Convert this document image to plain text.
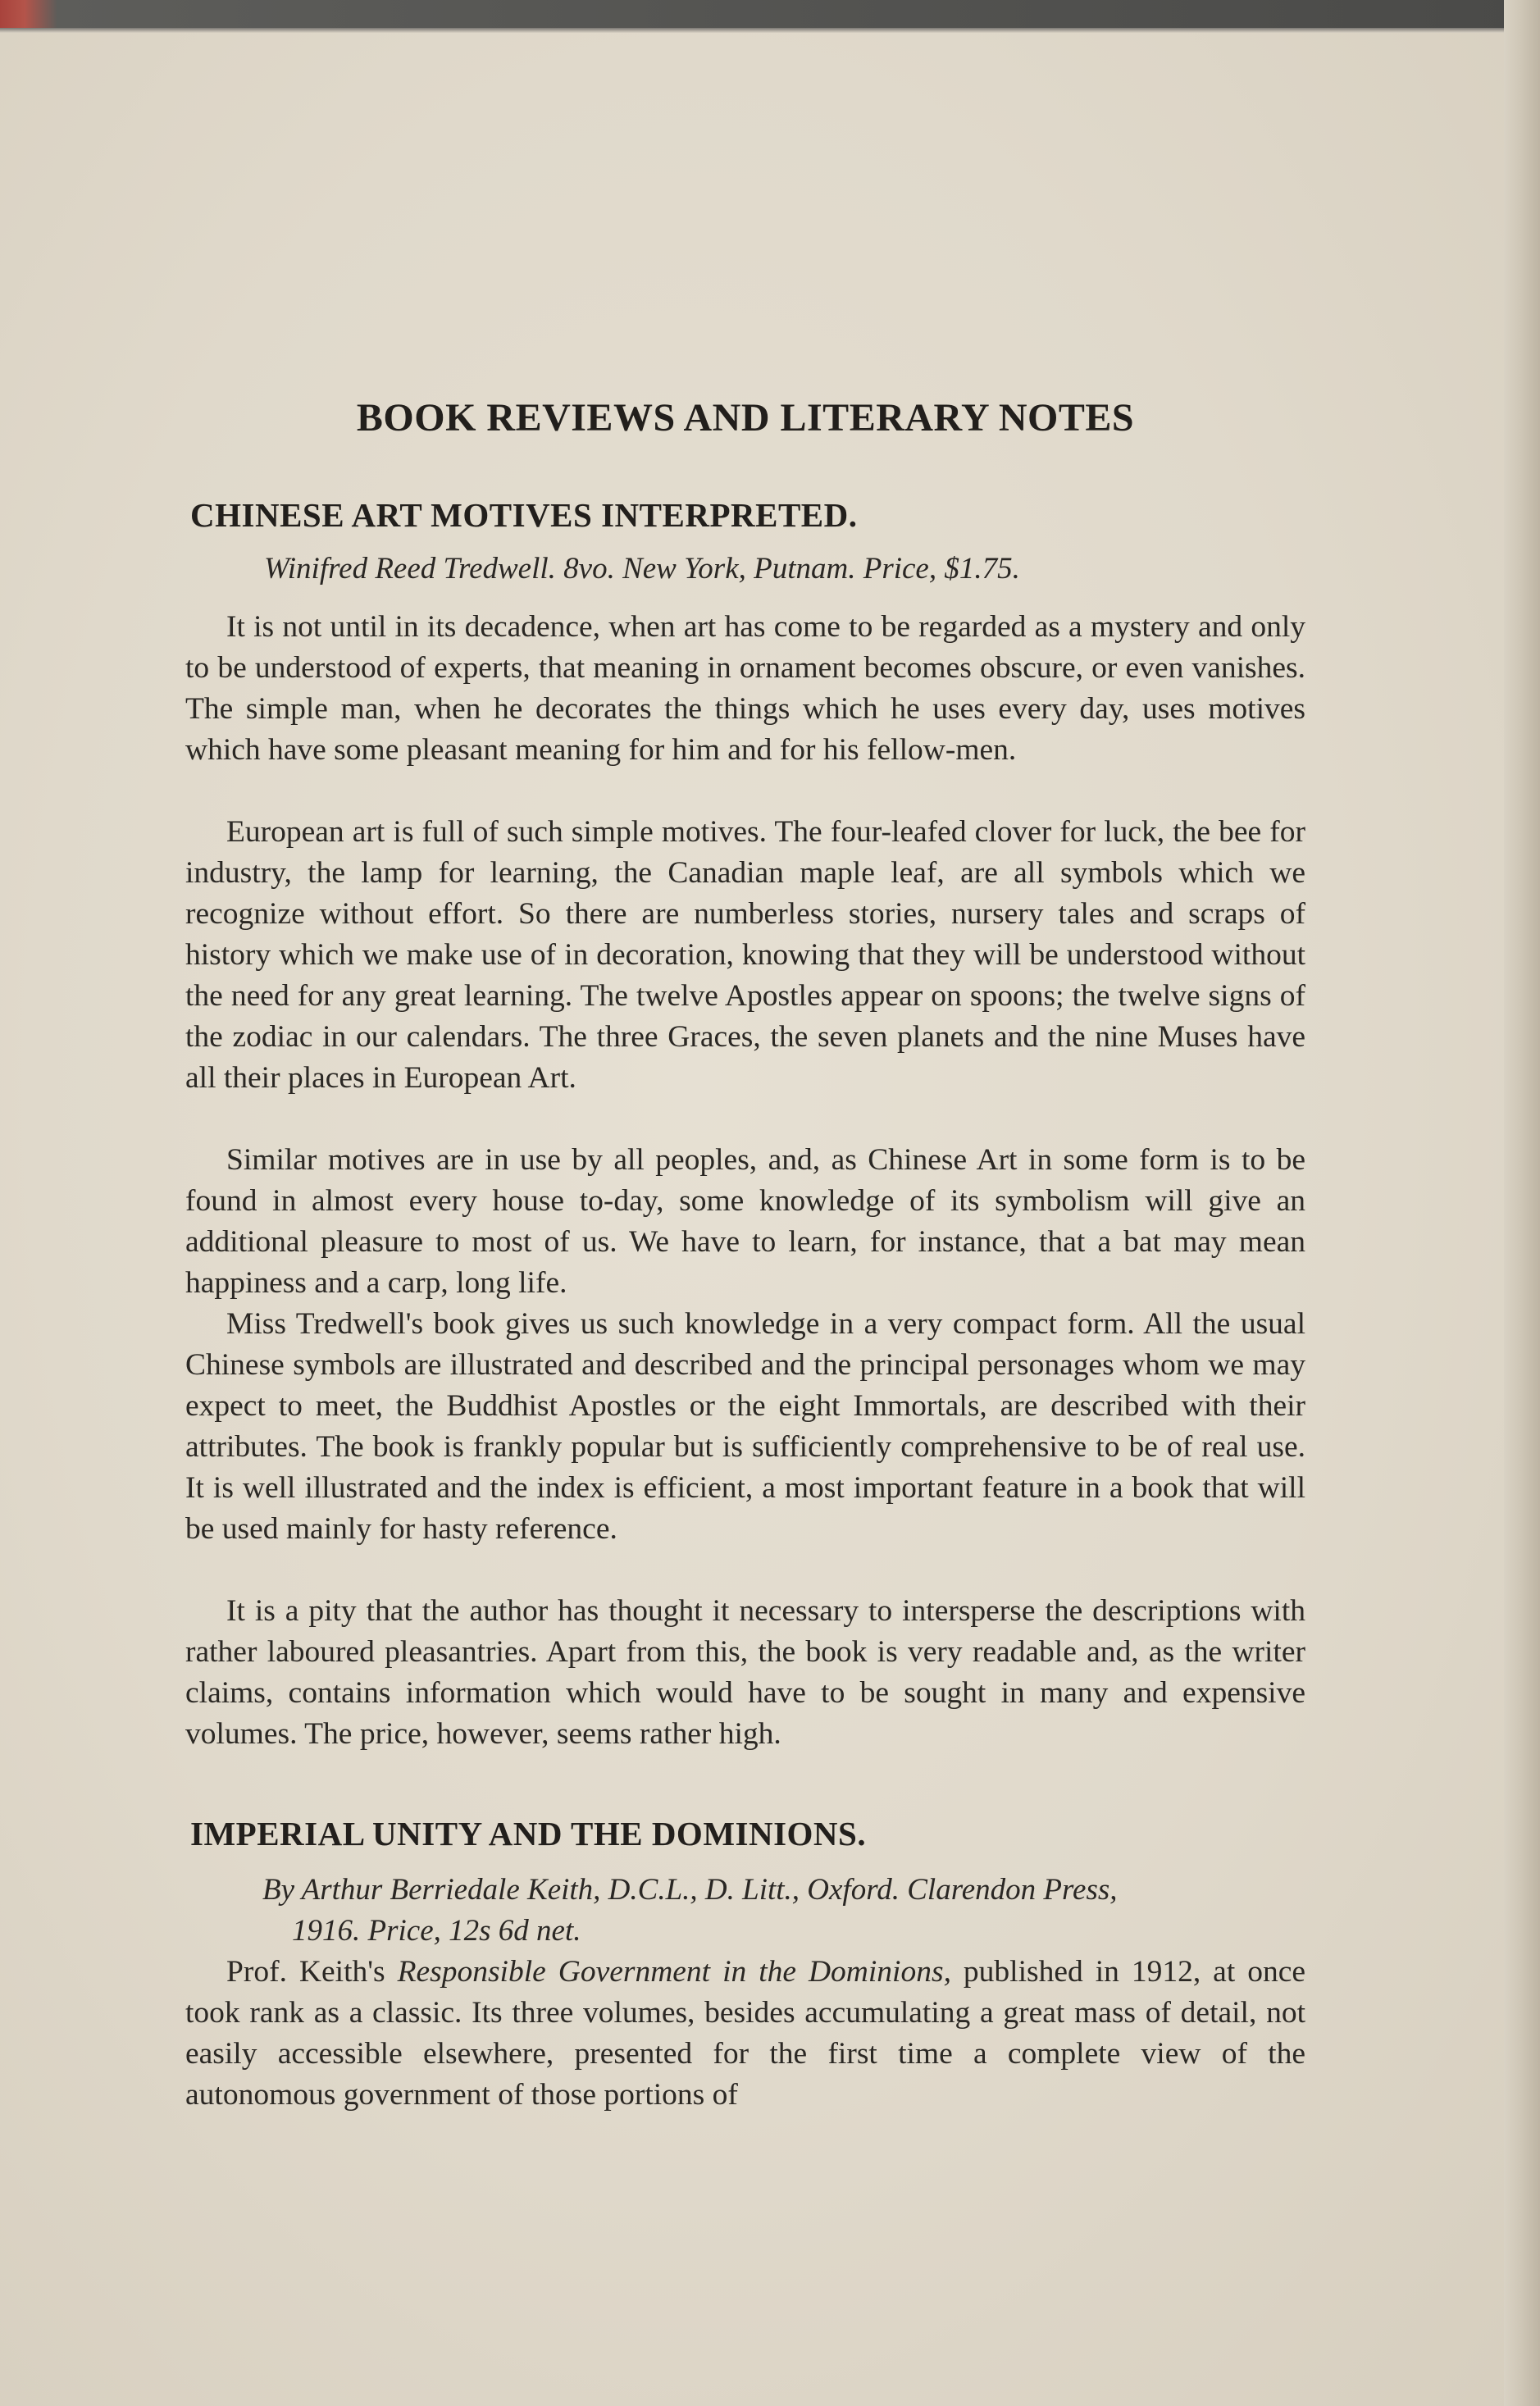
BOOK REVIEWS AND LITERARY NOTES
CHINESE ART MOTIVES INTERPRETED.

Winifred Reed Tredwell. 8vo. New York, Putnam. Price, $1.75.

It is not until in its decadence, when art has come to be regarded as a mystery and only to be understood of experts, that meaning in ornament becomes obscure, or even vanishes. The simple man, when he decorates the things which he uses every day, uses motives which have some pleasant meaning for him and for his fellow-men.

European art is full of such simple motives. The four-leafed clover for luck, the bee for industry, the lamp for learning, the Canadian maple leaf, are all symbols which we recognize without effort. So there are numberless stories, nursery tales and scraps of history which we make use of in decoration, knowing that they will be understood without the need for any great learning. The twelve Apostles appear on spoons; the twelve signs of the zodiac in our calendars. The three Graces, the seven planets and the nine Muses have all their places in European Art.

Similar motives are in use by all peoples, and, as Chinese Art in some form is to be found in almost every house to-day, some knowledge of its symbolism will give an additional pleasure to most of us. We have to learn, for instance, that a bat may mean happiness and a carp, long life.

Miss Tredwell's book gives us such knowledge in a very compact form. All the usual Chinese symbols are illustrated and described and the principal personages whom we may expect to meet, the Buddhist Apostles or the eight Immortals, are described with their attributes. The book is frankly popular but is sufficiently comprehensive to be of real use. It is well illustrated and the index is efficient, a most important feature in a book that will be used mainly for hasty reference.

It is a pity that the author has thought it necessary to intersperse the descriptions with rather laboured pleasantries. Apart from this, the book is very readable and, as the writer claims, contains information which would have to be sought in many and expensive volumes. The price, however, seems rather high.

IMPERIAL UNITY AND THE DOMINIONS.

By Arthur Berriedale Keith, D.C.L., D. Litt., Oxford. Clarendon Press,
1916. Price, 12s 6d net.

Prof. Keith's Responsible Government in the Dominions, published in 1912, at once took rank as a classic. Its three volumes, besides accumulating a great mass of detail, not easily accessible elsewhere, presented for the first time a complete view of the autonomous government of those portions of
